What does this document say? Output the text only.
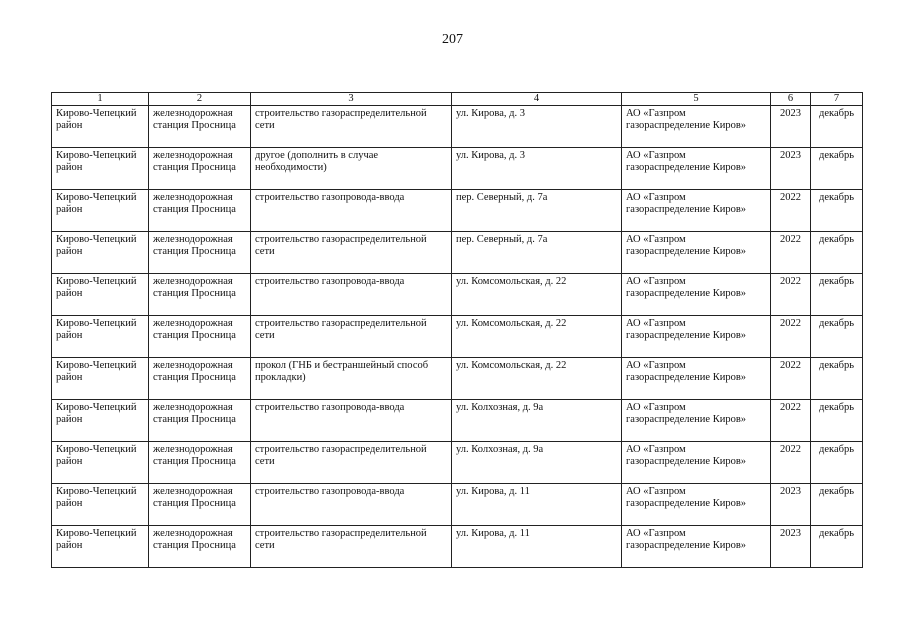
207
1	2	3	4	5	6	7
Кирово-Чепецкий район	железнодорожная станция Просница	строительство газораспределительной сети	ул. Кирова, д. 3	АО «Газпром газораспределение Киров»	2023	декабрь
Кирово-Чепецкий район	железнодорожная станция Просница	другое (дополнить в случае необходимости)	ул. Кирова, д. 3	АО «Газпром газораспределение Киров»	2023	декабрь
Кирово-Чепецкий район	железнодорожная станция Просница	строительство газопровода-ввода	пер. Северный, д. 7а	АО «Газпром газораспределение Киров»	2022	декабрь
Кирово-Чепецкий район	железнодорожная станция Просница	строительство газораспределительной сети	пер. Северный, д. 7а	АО «Газпром газораспределение Киров»	2022	декабрь
Кирово-Чепецкий район	железнодорожная станция Просница	строительство газопровода-ввода	ул. Комсомольская, д. 22	АО «Газпром газораспределение Киров»	2022	декабрь
Кирово-Чепецкий район	железнодорожная станция Просница	строительство газораспределительной сети	ул. Комсомольская, д. 22	АО «Газпром газораспределение Киров»	2022	декабрь
Кирово-Чепецкий район	железнодорожная станция Просница	прокол (ГНБ и бестраншейный способ прокладки)	ул. Комсомольская, д. 22	АО «Газпром газораспределение Киров»	2022	декабрь
Кирово-Чепецкий район	железнодорожная станция Просница	строительство газопровода-ввода	ул. Колхозная, д. 9а	АО «Газпром газораспределение Киров»	2022	декабрь
Кирово-Чепецкий район	железнодорожная станция Просница	строительство газораспределительной сети	ул. Колхозная, д. 9а	АО «Газпром газораспределение Киров»	2022	декабрь
Кирово-Чепецкий район	железнодорожная станция Просница	строительство газопровода-ввода	ул. Кирова, д. 11	АО «Газпром газораспределение Киров»	2023	декабрь
Кирово-Чепецкий район	железнодорожная станция Просница	строительство газораспределительной сети	ул. Кирова, д. 11	АО «Газпром газораспределение Киров»	2023	декабрь
